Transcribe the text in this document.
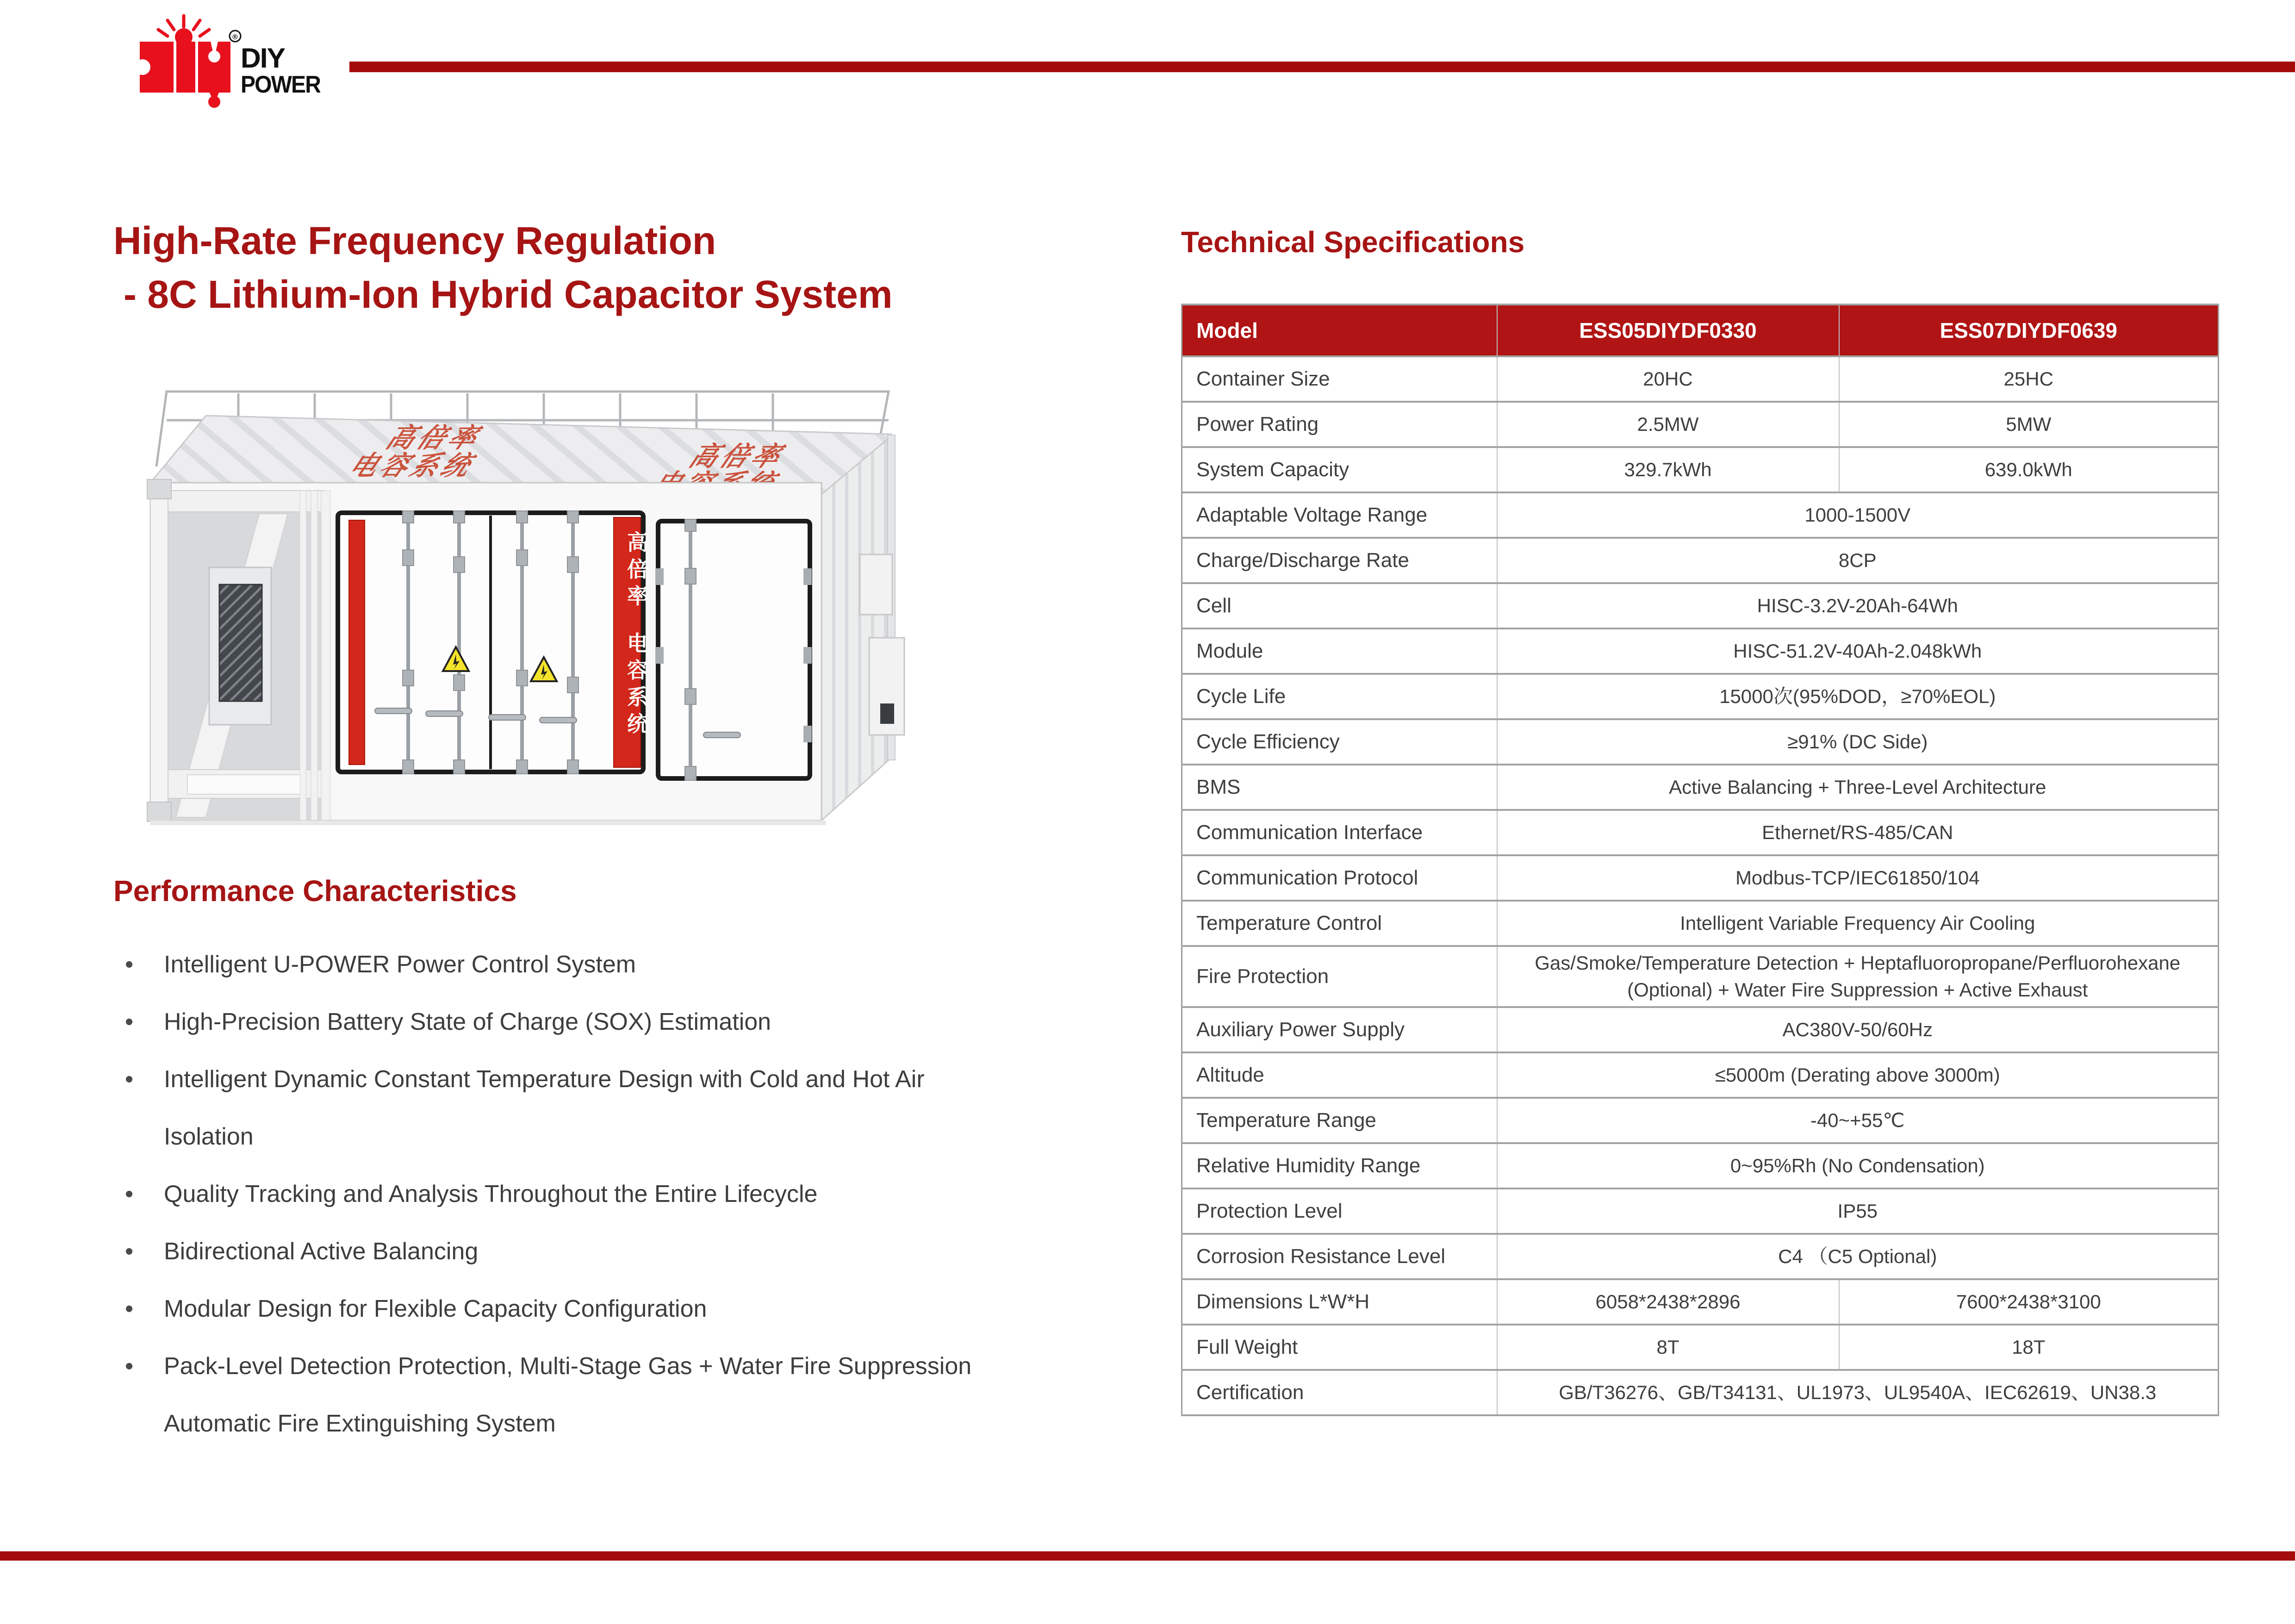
®
DIY
POWER
High-Rate Frequency Regulation
- 8C Lithium-Ion Hybrid Capacitor System
高倍率
电容系统	高倍率
高
倍
率
电
容
系
统
Performance Characteristics
• Intelligent U-POWER Power Control System
• High-Precision Battery State of Charge (SOX) Estimation
• Intelligent Dynamic Constant Temperature Design with Cold and Hot Air Isolation
• Quality Tracking and Analysis Throughout the Entire Lifecycle
• Bidirectional Active Balancing
• Modular Design for Flexible Capacity Configuration
• Pack-Level Detection Protection, Multi-Stage Gas + Water Fire Suppression Automatic Fire Extinguishing System
Technical Specifications
Model	ESS05DIYDF0330	ESS07DIYDF0639
Container Size	20HC	25HC
Power Rating	2.5MW	5MW
System Capacity	329.7kWh	639.0kWh
Adaptable Voltage Range	1000-1500V	
Charge/Discharge Rate	8CP	
Cell	HISC-3.2V-20Ah-64Wh	
Module	HISC-51.2V-40Ah-2.048kWh	
Cycle Life	15000次(95%DOD，≥70%EOL)	
Cycle Efficiency	≥91% (DC Side)	
BMS	Active Balancing + Three-Level Architecture	
Communication Interface	Ethernet/RS-485/CAN	
Communication Protocol	Modbus-TCP/IEC61850/104	
Temperature Control	Intelligent Variable Frequency Air Cooling	
Fire Protection	Gas/Smoke/Temperature Detection + Heptafluoropropane/Perfluorohexane (Optional) + Water Fire Suppression + Active Exhaust	
Auxiliary Power Supply	AC380V-50/60Hz	
Altitude	≤5000m (Derating above 3000m)	
Temperature Range	-40~+55℃	
Relative Humidity Range	0~95%Rh (No Condensation)	
Protection Level	IP55	
Corrosion Resistance Level	C4 （C5 Optional)	
Dimensions L*W*H	6058*2438*2896	7600*2438*3100
Full Weight	8T	18T
Certification	GB/T36276、GB/T34131、UL1973、UL9540A、IEC62619、UN38.3	
